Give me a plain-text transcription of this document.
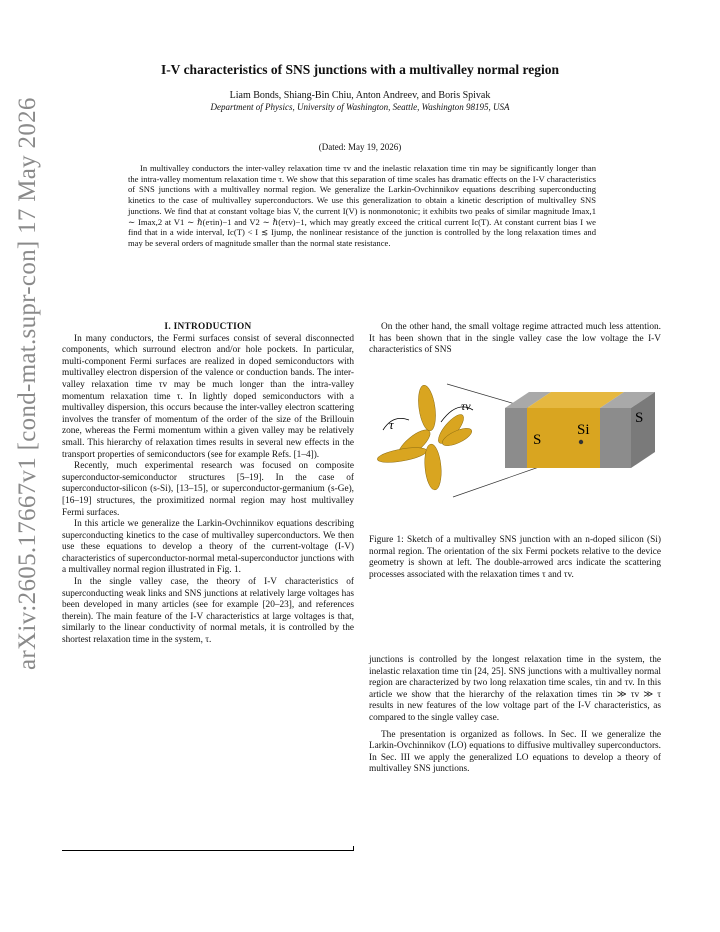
arXiv:2605.17667v1 [cond-mat.supr-con] 17 May 2026
I-V characteristics of SNS junctions with a multivalley normal region
Liam Bonds, Shiang-Bin Chiu, Anton Andreev, and Boris Spivak
Department of Physics, University of Washington, Seattle, Washington 98195, USA
(Dated: May 19, 2026)

In multivalley conductors the inter-valley relaxation time τv and the inelastic relaxation time τin may be significantly longer than the intra-valley momentum relaxation time τ. We show that this separation of time scales has dramatic effects on the I-V characteristics of SNS junctions with a multivalley normal region. We generalize the Larkin-Ovchinnikov equations describing superconducting kinetics to the case of multivalley superconductors. We use this generalization to obtain a kinetic description of multivalley SNS junctions. We find that at constant voltage bias V, the current I(V) is nonmonotonic; it exhibits two peaks of similar magnitude Imax,1 ∼ Imax,2 at V1 ∼ ℏ(eτin)−1 and V2 ∼ ℏ(eτv)−1, which may greatly exceed the critical current Ic(T). At constant current bias I we find that in a wide interval, Ic(T) < I ≲ Ijump, the nonlinear resistance of the junction is controlled by the long relaxation times and may be several orders of magnitude smaller than the normal state resistance.

I. INTRODUCTION

In many conductors, the Fermi surfaces consist of several disconnected components, which surround electron and/or hole pockets. In particular, multi-component Fermi surfaces are realized in doped semiconductors with multivalley electron dispersion of the valence or conduction bands. The inter-valley relaxation time τv may be much longer than the intra-valley momentum relaxation time τ. In lightly doped semiconductors with a multivalley dispersion, this occurs because the inter-valley electron scattering involves the transfer of momentum of the order of the size of the Brillouin zone, whereas the Fermi momentum within a given valley may be relatively small. This hierarchy of relaxation times results in several new effects in the transport properties of semiconductors (see for example Refs. [1–4]).

Recently, much experimental research was focused on composite superconductor-semiconductor structures [5–19]. In the case of superconductor-silicon (s-Si), [13–15], or superconductor-germanium (s-Ge), [16–19] structures, the proximitized normal region may host multivalley Fermi surfaces.

In this article we generalize the Larkin-Ovchinnikov equations describing superconducting kinetics to the case of multivalley superconductors. We then use these equations to develop a theory of the current-voltage (I-V) characteristics of superconductor-normal metal-superconductor junctions with a multivalley normal region illustrated in Fig. 1.

In the single valley case, the theory of I-V characteristics of superconducting weak links and SNS junctions at relatively large voltages has been developed in many articles (see for example [20–23], and references therein). The main feature of the I-V characteristics at large voltages is that, similarly to the linear conductivity of normal metals, it is controlled by the shortest relaxation time in the system, τ.

On the other hand, the small voltage regime attracted much less attention. It has been shown that in the single valley case the low voltage the I-V characteristics of SNS

τ
τv
S
Si
S
Figure 1: Sketch of a multivalley SNS junction with an n-doped silicon (Si) normal region. The orientation of the six Fermi pockets relative to the device geometry is shown at left. The double-arrowed arcs indicate the scattering processes associated with the relaxation times τ and τv.

junctions is controlled by the longest relaxation time in the system, the inelastic relaxation time τin [24, 25]. SNS junctions with a multivalley normal region are characterized by two long relaxation time scales, τin and τv. In this article we show that the hierarchy of the relaxation times τin ≫ τv ≫ τ results in new features of the low voltage part of the I-V characteristics, as compared to the single valley case.

The presentation is organized as follows. In Sec. II we generalize the Larkin-Ovchinnikov (LO) equations to diffusive multivalley superconductors. In Sec. III we apply the generalized LO equations to develop a theory of multivalley SNS junctions.
